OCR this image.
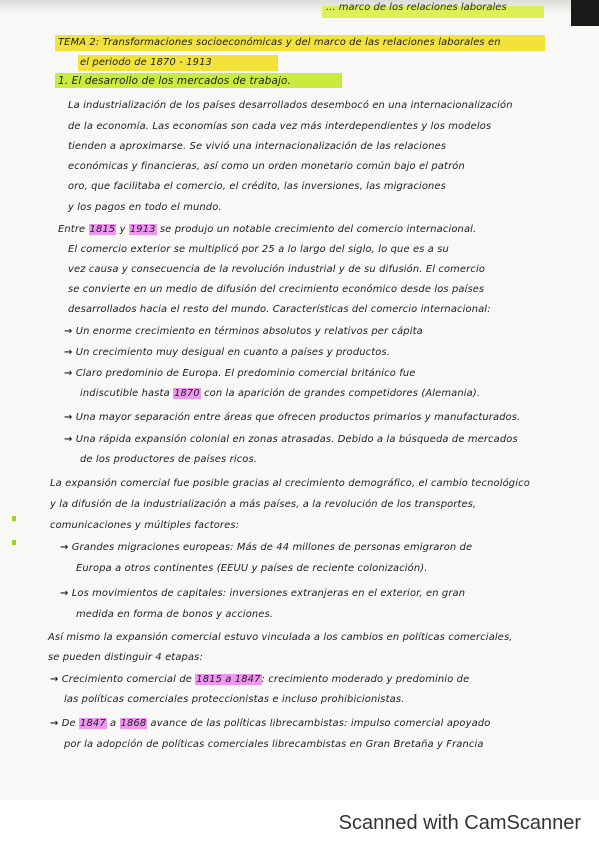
... marco de los relaciones laborales
TEMA 2: Transformaciones socioeconómicas y del marco de las relaciones laborales en
el periodo de 1870 - 1913
1. El desarrollo de los mercados de trabajo.
La industrialización de los países desarrollados desembocó en una internacionalización
de la economía. Las economías son cada vez más interdependientes y los modelos
tienden a aproximarse. Se vivió una internacionalización de las relaciones
económicas y financieras, así como un orden monetario común bajo el patrón
oro, que facilitaba el comercio, el crédito, las inversiones, las migraciones
y los pagos en todo el mundo.
Entre 1815 y 1913 se produjo un notable crecimiento del comercio internacional.
El comercio exterior se multiplicó por 25 a lo largo del siglo, lo que es a su
vez causa y consecuencia de la revolución industrial y de su difusión. El comercio
se convierte en un medio de difusión del crecimiento económico desde los países
desarrollados hacia el resto del mundo. Características del comercio internacional:
→ Un enorme crecimiento en términos absolutos y relativos per cápita
→ Un crecimiento muy desigual en cuanto a países y productos.
→ Claro predominio de Europa. El predominio comercial británico fue
indiscutible hasta 1870 con la aparición de grandes competidores (Alemania).
→ Una mayor separación entre áreas que ofrecen productos primarios y manufacturados.
→ Una rápida expansión colonial en zonas atrasadas. Debido a la búsqueda de mercados
de los productores de países ricos.
La expansión comercial fue posible gracias al crecimiento demográfico, el cambio tecnológico
y la difusión de la industrialización a más países, a la revolución de los transportes,
comunicaciones y múltiples factores:
→ Grandes migraciones europeas: Más de 44 millones de personas emigraron de
Europa a otros continentes (EEUU y países de reciente colonización).
→ Los movimientos de capitales: inversiones extranjeras en el exterior, en gran
medida en forma de bonos y acciones.
Así mismo la expansión comercial estuvo vinculada a los cambios en políticas comerciales,
se pueden distinguir 4 etapas:
→ Crecimiento comercial de 1815 a 1847: crecimiento moderado y predominio de
las políticas comerciales proteccionistas e incluso prohibicionistas.
→ De 1847 a 1868 avance de las políticas librecambistas: impulso comercial apoyado
por la adopción de políticas comerciales librecambistas en Gran Bretaña y Francia
Scanned with CamScanner
